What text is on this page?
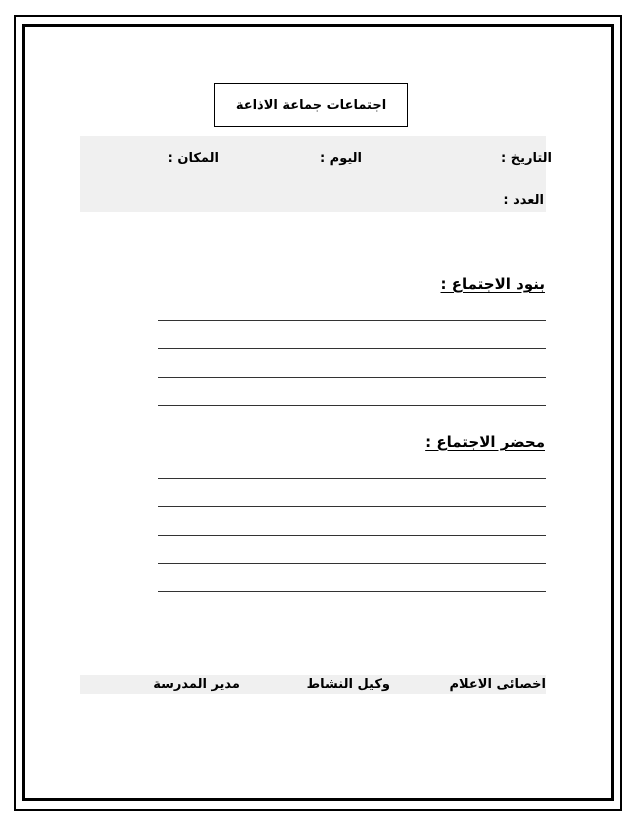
اجتماعات جماعة الاذاعة
التاريخ :
اليوم :
المكان :
العدد :
بنود الاجتماع :
محضر الاجتماع :
اخصائى الاعلام
وكيل النشاط
مدير المدرسة
